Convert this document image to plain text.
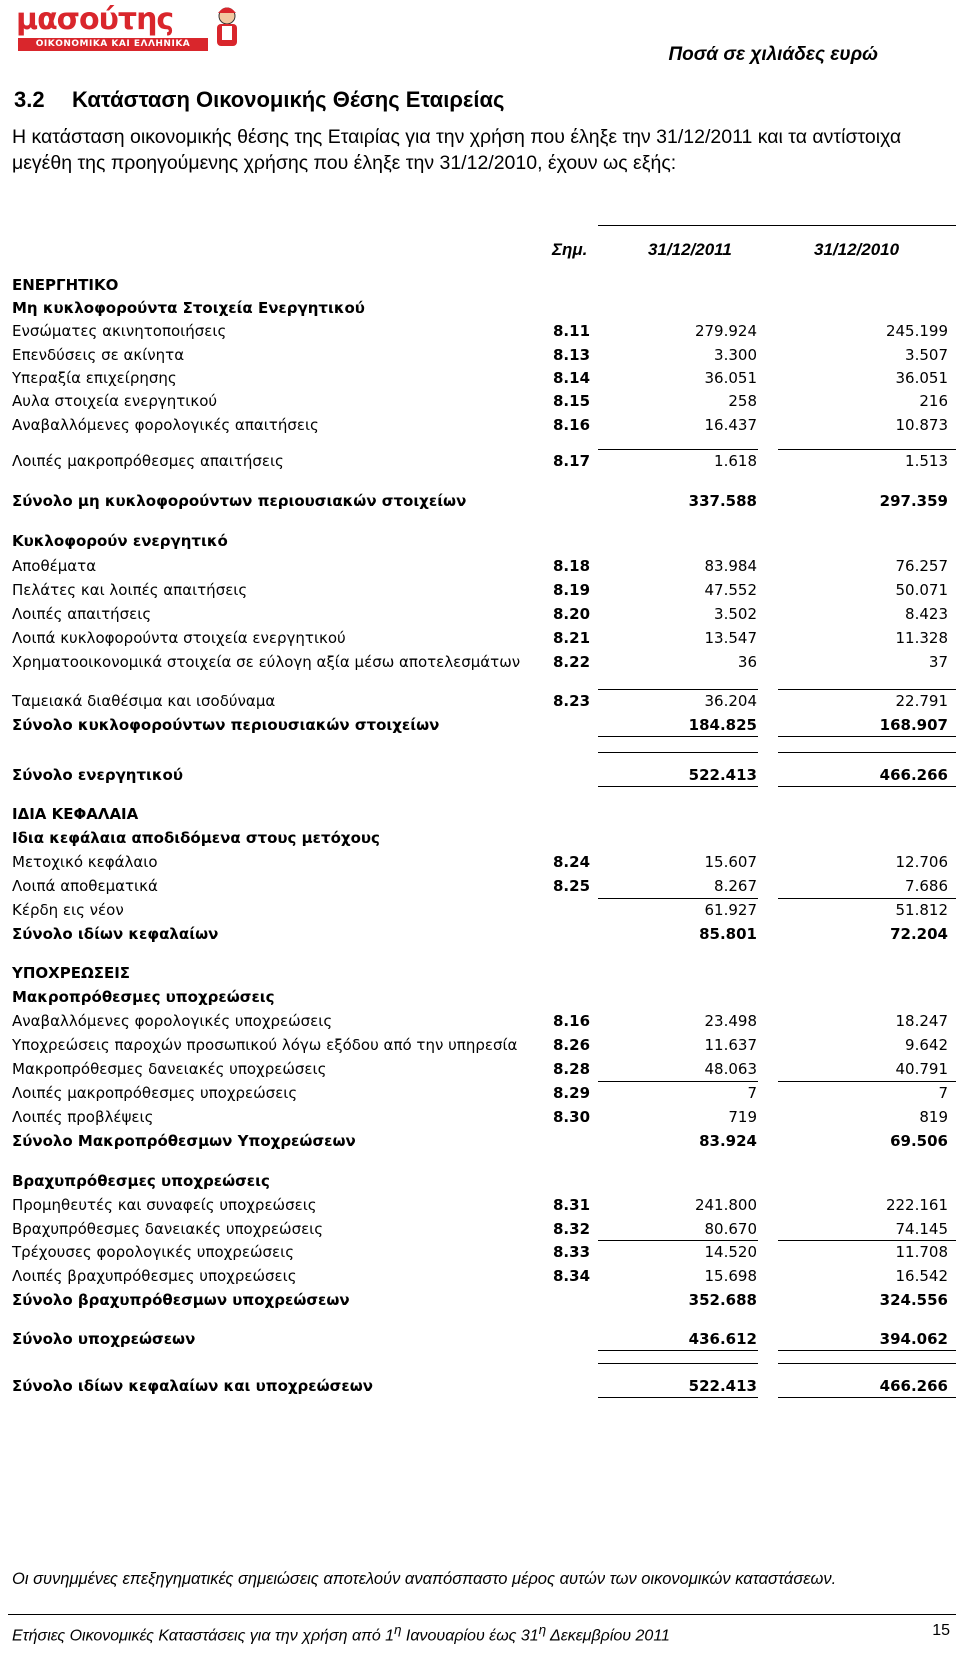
μασούτης
ΟΙΚΟΝΟΜΙΚΑ ΚΑΙ ΕΛΛΗΝΙΚΑ	Ποσά σε χιλιάδες ευρώ
3.2 Κατάσταση Οικονομικής Θέσης Εταιρείας
Η κατάσταση οικονομικής θέσης της Εταιρίας για την χρήση που έληξε την 31/12/2011 και τα αντίστοιχα μεγέθη της προηγούμενης χρήσης που έληξε την 31/12/2010, έχουν ως εξής:
Σημ.	31/12/2011	31/12/2010
ΕΝΕΡΓΗΤΙΚΟ
Μη κυκλοφορούντα Στοιχεία Ενεργητικού
Ενσώματες ακινητοποιήσεις	8.11	279.924	245.199
Επενδύσεις σε ακίνητα	8.13	3.300	3.507
Υπεραξία επιχείρησης	8.14	36.051	36.051
Αυλα στοιχεία ενεργητικού	8.15	258	216
Αναβαλλόμενες φορολογικές απαιτήσεις	8.16	16.437	10.873
Λοιπές μακροπρόθεσμες απαιτήσεις	8.17	1.618	1.513
Σύνολο μη κυκλοφορούντων περιουσιακών στοιχείων	337.588	297.359
Κυκλοφορούν ενεργητικό
Αποθέματα	8.18	83.984	76.257
Πελάτες και λοιπές απαιτήσεις	8.19	47.552	50.071
Λοιπές απαιτήσεις	8.20	3.502	8.423
Λοιπά κυκλοφορούντα στοιχεία ενεργητικού	8.21	13.547	11.328
Χρηματοοικονομικά στοιχεία σε εύλογη αξία μέσω αποτελεσμάτων 8.22	36	37
Ταμειακά διαθέσιμα και ισοδύναμα	8.23	36.204	22.791
Σύνολο κυκλοφορούντων περιουσιακών στοιχείων	184.825	168.907
Σύνολο ενεργητικού	522.413	466.266
ΙΔΙΑ ΚΕΦΑΛΑΙΑ
Ιδια κεφάλαια αποδιδόμενα στους μετόχους
Μετοχικό κεφάλαιο	8.24	15.607	12.706
Λοιπά αποθεματικά	8.25	8.267	7.686
Κέρδη εις νέον	61.927	51.812
Σύνολο ιδίων κεφαλαίων	85.801	72.204
ΥΠΟΧΡΕΩΣΕΙΣ
Μακροπρόθεσμες υποχρεώσεις
Αναβαλλόμενες φορολογικές υποχρεώσεις	8.16	23.498	18.247
Υποχρεώσεις παροχών προσωπικού λόγω εξόδου από την υπηρεσία 8.26	11.637	9.642
Μακροπρόθεσμες δανειακές υποχρεώσεις	8.28	48.063	40.791
Λοιπές μακροπρόθεσμες υποχρεώσεις	8.29	7	7
Λοιπές προβλέψεις	8.30	719	819
Σύνολο Μακροπρόθεσμων Υποχρεώσεων	83.924	69.506
Βραχυπρόθεσμες υποχρεώσεις
Προμηθευτές και συναφείς υποχρεώσεις	8.31	241.800	222.161
Βραχυπρόθεσμες δανειακές υποχρεώσεις	8.32	80.670	74.145
Τρέχουσες φορολογικές υποχρεώσεις	8.33	14.520	11.708
Λοιπές βραχυπρόθεσμες υποχρεώσεις	8.34	15.698	16.542
Σύνολο βραχυπρόθεσμων υποχρεώσεων	352.688	324.556
Σύνολο υποχρεώσεων	436.612	394.062
Σύνολο ιδίων κεφαλαίων και υποχρεώσεων	522.413	466.266
Οι συνημμένες επεξηγηματικές σημειώσεις αποτελούν αναπόσπαστο μέρος αυτών των οικονομικών καταστάσεων.
Ετήσιες Οικονομικές Καταστάσεις για την χρήση από $1^\eta$ Ιανουαρίου έως $31^\eta$ Δεκεμβρίου 2011	15
